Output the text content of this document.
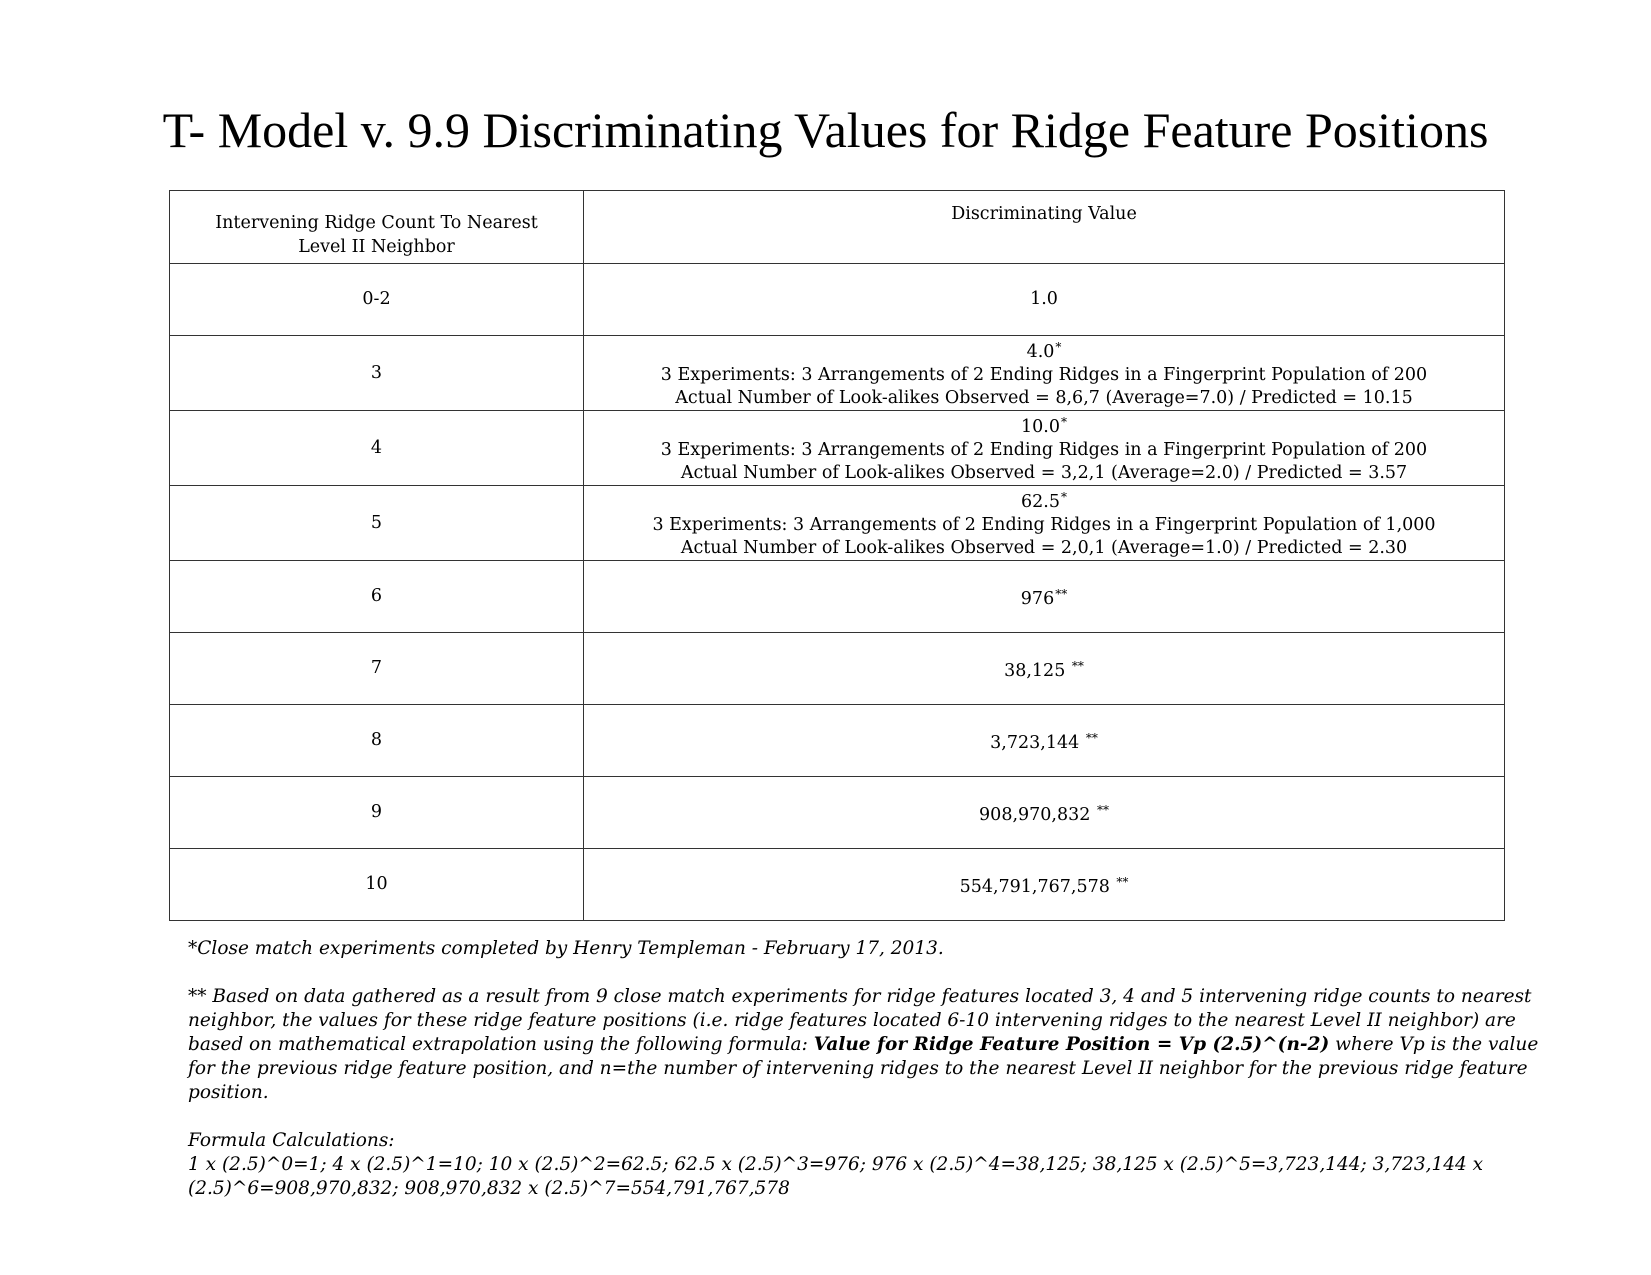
T- Model v. 9.9 Discriminating Values for Ridge Feature Positions
Intervening Ridge Count To Nearest Level II Neighbor	Discriminating Value

0-2	1.0

3	4.0*
3 Experiments: 3 Arrangements of 2 Ending Ridges in a Fingerprint Population of 200
Actual Number of Look-alikes Observed = 8,6,7 (Average=7.0) / Predicted = 10.15

4	10.0*
3 Experiments: 3 Arrangements of 2 Ending Ridges in a Fingerprint Population of 200
Actual Number of Look-alikes Observed = 3,2,1 (Average=2.0) / Predicted = 3.57

5	62.5*
3 Experiments: 3 Arrangements of 2 Ending Ridges in a Fingerprint Population of 1,000
Actual Number of Look-alikes Observed = 2,0,1 (Average=1.0) / Predicted = 2.30

6	976**

7	38,125 **

8	3,723,144 **

9	908,970,832 **

10	554,791,767,578 **

*Close match experiments completed by Henry Templeman - February 17, 2013.

** Based on data gathered as a result from 9 close match experiments for ridge features located 3, 4 and 5 intervening ridge counts to nearest neighbor, the values for these ridge feature positions (i.e. ridge features located 6-10 intervening ridges to the nearest Level II neighbor) are based on mathematical extrapolation using the following formula: Value for Ridge Feature Position = Vp (2.5)^(n-2) where Vp is the value for the previous ridge feature position, and n=the number of intervening ridges to the nearest Level II neighbor for the previous ridge feature position.

Formula Calculations:

1 x (2.5)^0=1; 4 x (2.5)^1=10; 10 x (2.5)^2=62.5; 62.5 x (2.5)^3=976; 976 x (2.5)^4=38,125; 38,125 x (2.5)^5=3,723,144; 3,723,144 x (2.5)^6=908,970,832; 908,970,832 x (2.5)^7=554,791,767,578
